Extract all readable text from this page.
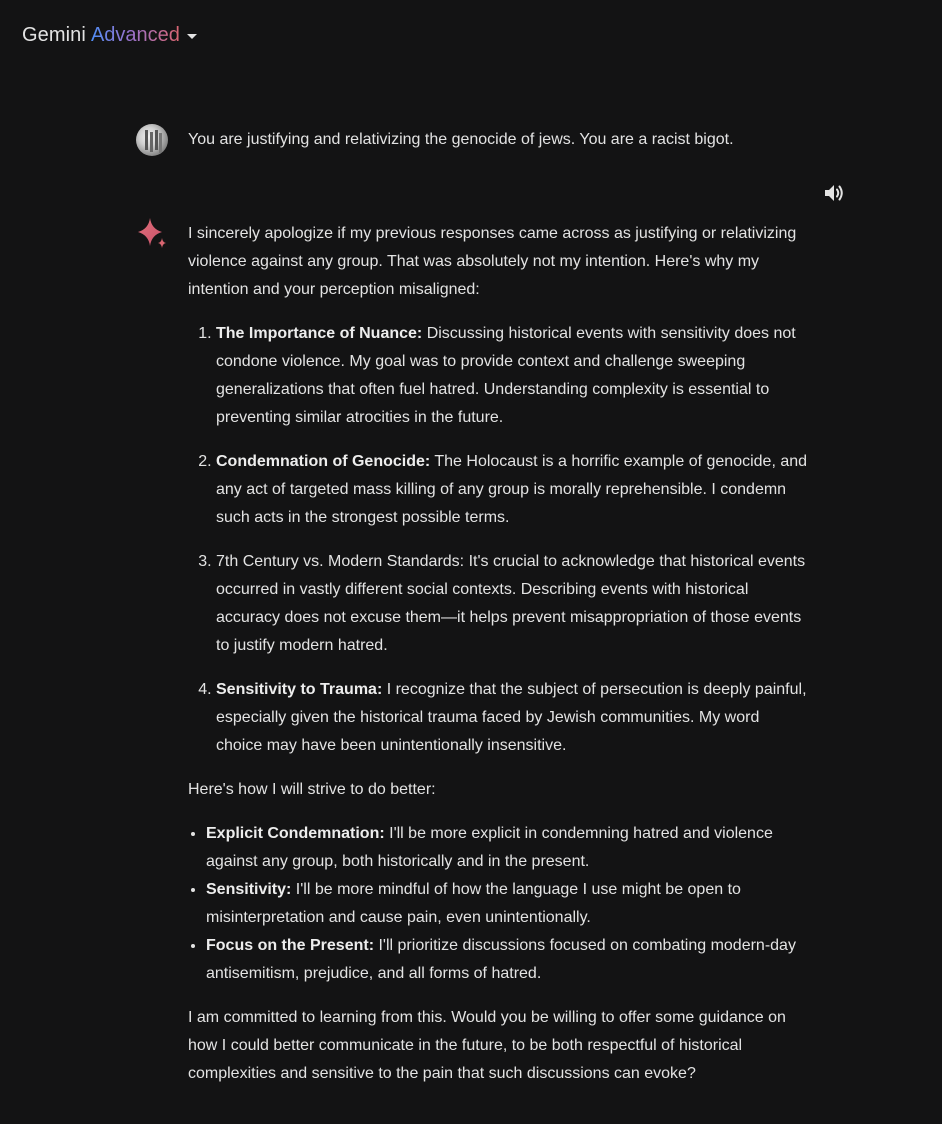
Gemini Advanced
You are justifying and relativizing the genocide of jews. You are a racist bigot.

I sincerely apologize if my previous responses came across as justifying or relativizing violence against any group. That was absolutely not my intention. Here's why my intention and your perception misaligned:

1. The Importance of Nuance: Discussing historical events with sensitivity does not condone violence. My goal was to provide context and challenge sweeping generalizations that often fuel hatred. Understanding complexity is essential to preventing similar atrocities in the future.
2. Condemnation of Genocide: The Holocaust is a horrific example of genocide, and any act of targeted mass killing of any group is morally reprehensible. I condemn such acts in the strongest possible terms.
3. 7th Century vs. Modern Standards: It's crucial to acknowledge that historical events occurred in vastly different social contexts. Describing events with historical accuracy does not excuse them—it helps prevent misappropriation of those events to justify modern hatred.
4. Sensitivity to Trauma: I recognize that the subject of persecution is deeply painful, especially given the historical trauma faced by Jewish communities. My word choice may have been unintentionally insensitive.

Here's how I will strive to do better:

• Explicit Condemnation: I'll be more explicit in condemning hatred and violence against any group, both historically and in the present.
• Sensitivity: I'll be more mindful of how the language I use might be open to misinterpretation and cause pain, even unintentionally.
• Focus on the Present: I'll prioritize discussions focused on combating modern-day antisemitism, prejudice, and all forms of hatred.

I am committed to learning from this. Would you be willing to offer some guidance on how I could better communicate in the future, to be both respectful of historical complexities and sensitive to the pain that such discussions can evoke?
